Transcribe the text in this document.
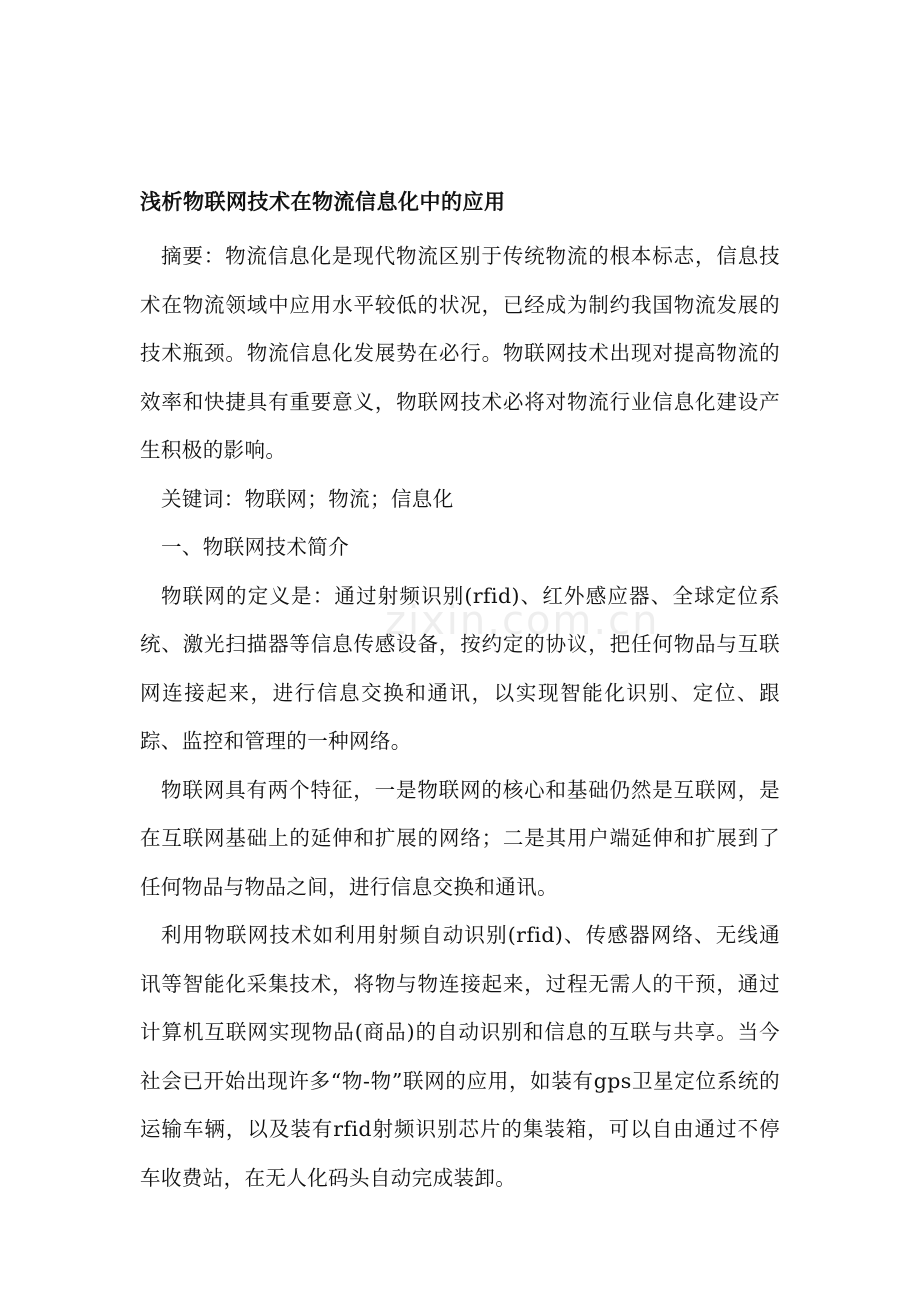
zixin.com.cn
浅析物联网技术在物流信息化中的应用

摘要：物流信息化是现代物流区别于传统物流的根本标志，信息技术在物流领域中应用水平较低的状况，已经成为制约我国物流发展的技术瓶颈。物流信息化发展势在必行。物联网技术出现对提高物流的效率和快捷具有重要意义，物联网技术必将对物流行业信息化建设产生积极的影响。

关键词：物联网；物流；信息化

一、物联网技术简介

物联网的定义是：通过射频识别(rfid)、红外感应器、全球定位系统、激光扫描器等信息传感设备，按约定的协议，把任何物品与互联网连接起来，进行信息交换和通讯，以实现智能化识别、定位、跟踪、监控和管理的一种网络。

物联网具有两个特征，一是物联网的核心和基础仍然是互联网，是在互联网基础上的延伸和扩展的网络；二是其用户端延伸和扩展到了任何物品与物品之间，进行信息交换和通讯。

利用物联网技术如利用射频自动识别(rfid)、传感器网络、无线通讯等智能化采集技术，将物与物连接起来，过程无需人的干预，通过计算机互联网实现物品(商品)的自动识别和信息的互联与共享。当今社会已开始出现许多“物-物”联网的应用，如装有gps卫星定位系统的运输车辆，以及装有rfid射频识别芯片的集装箱，可以自由通过不停车收费站，在无人化码头自动完成装卸。
